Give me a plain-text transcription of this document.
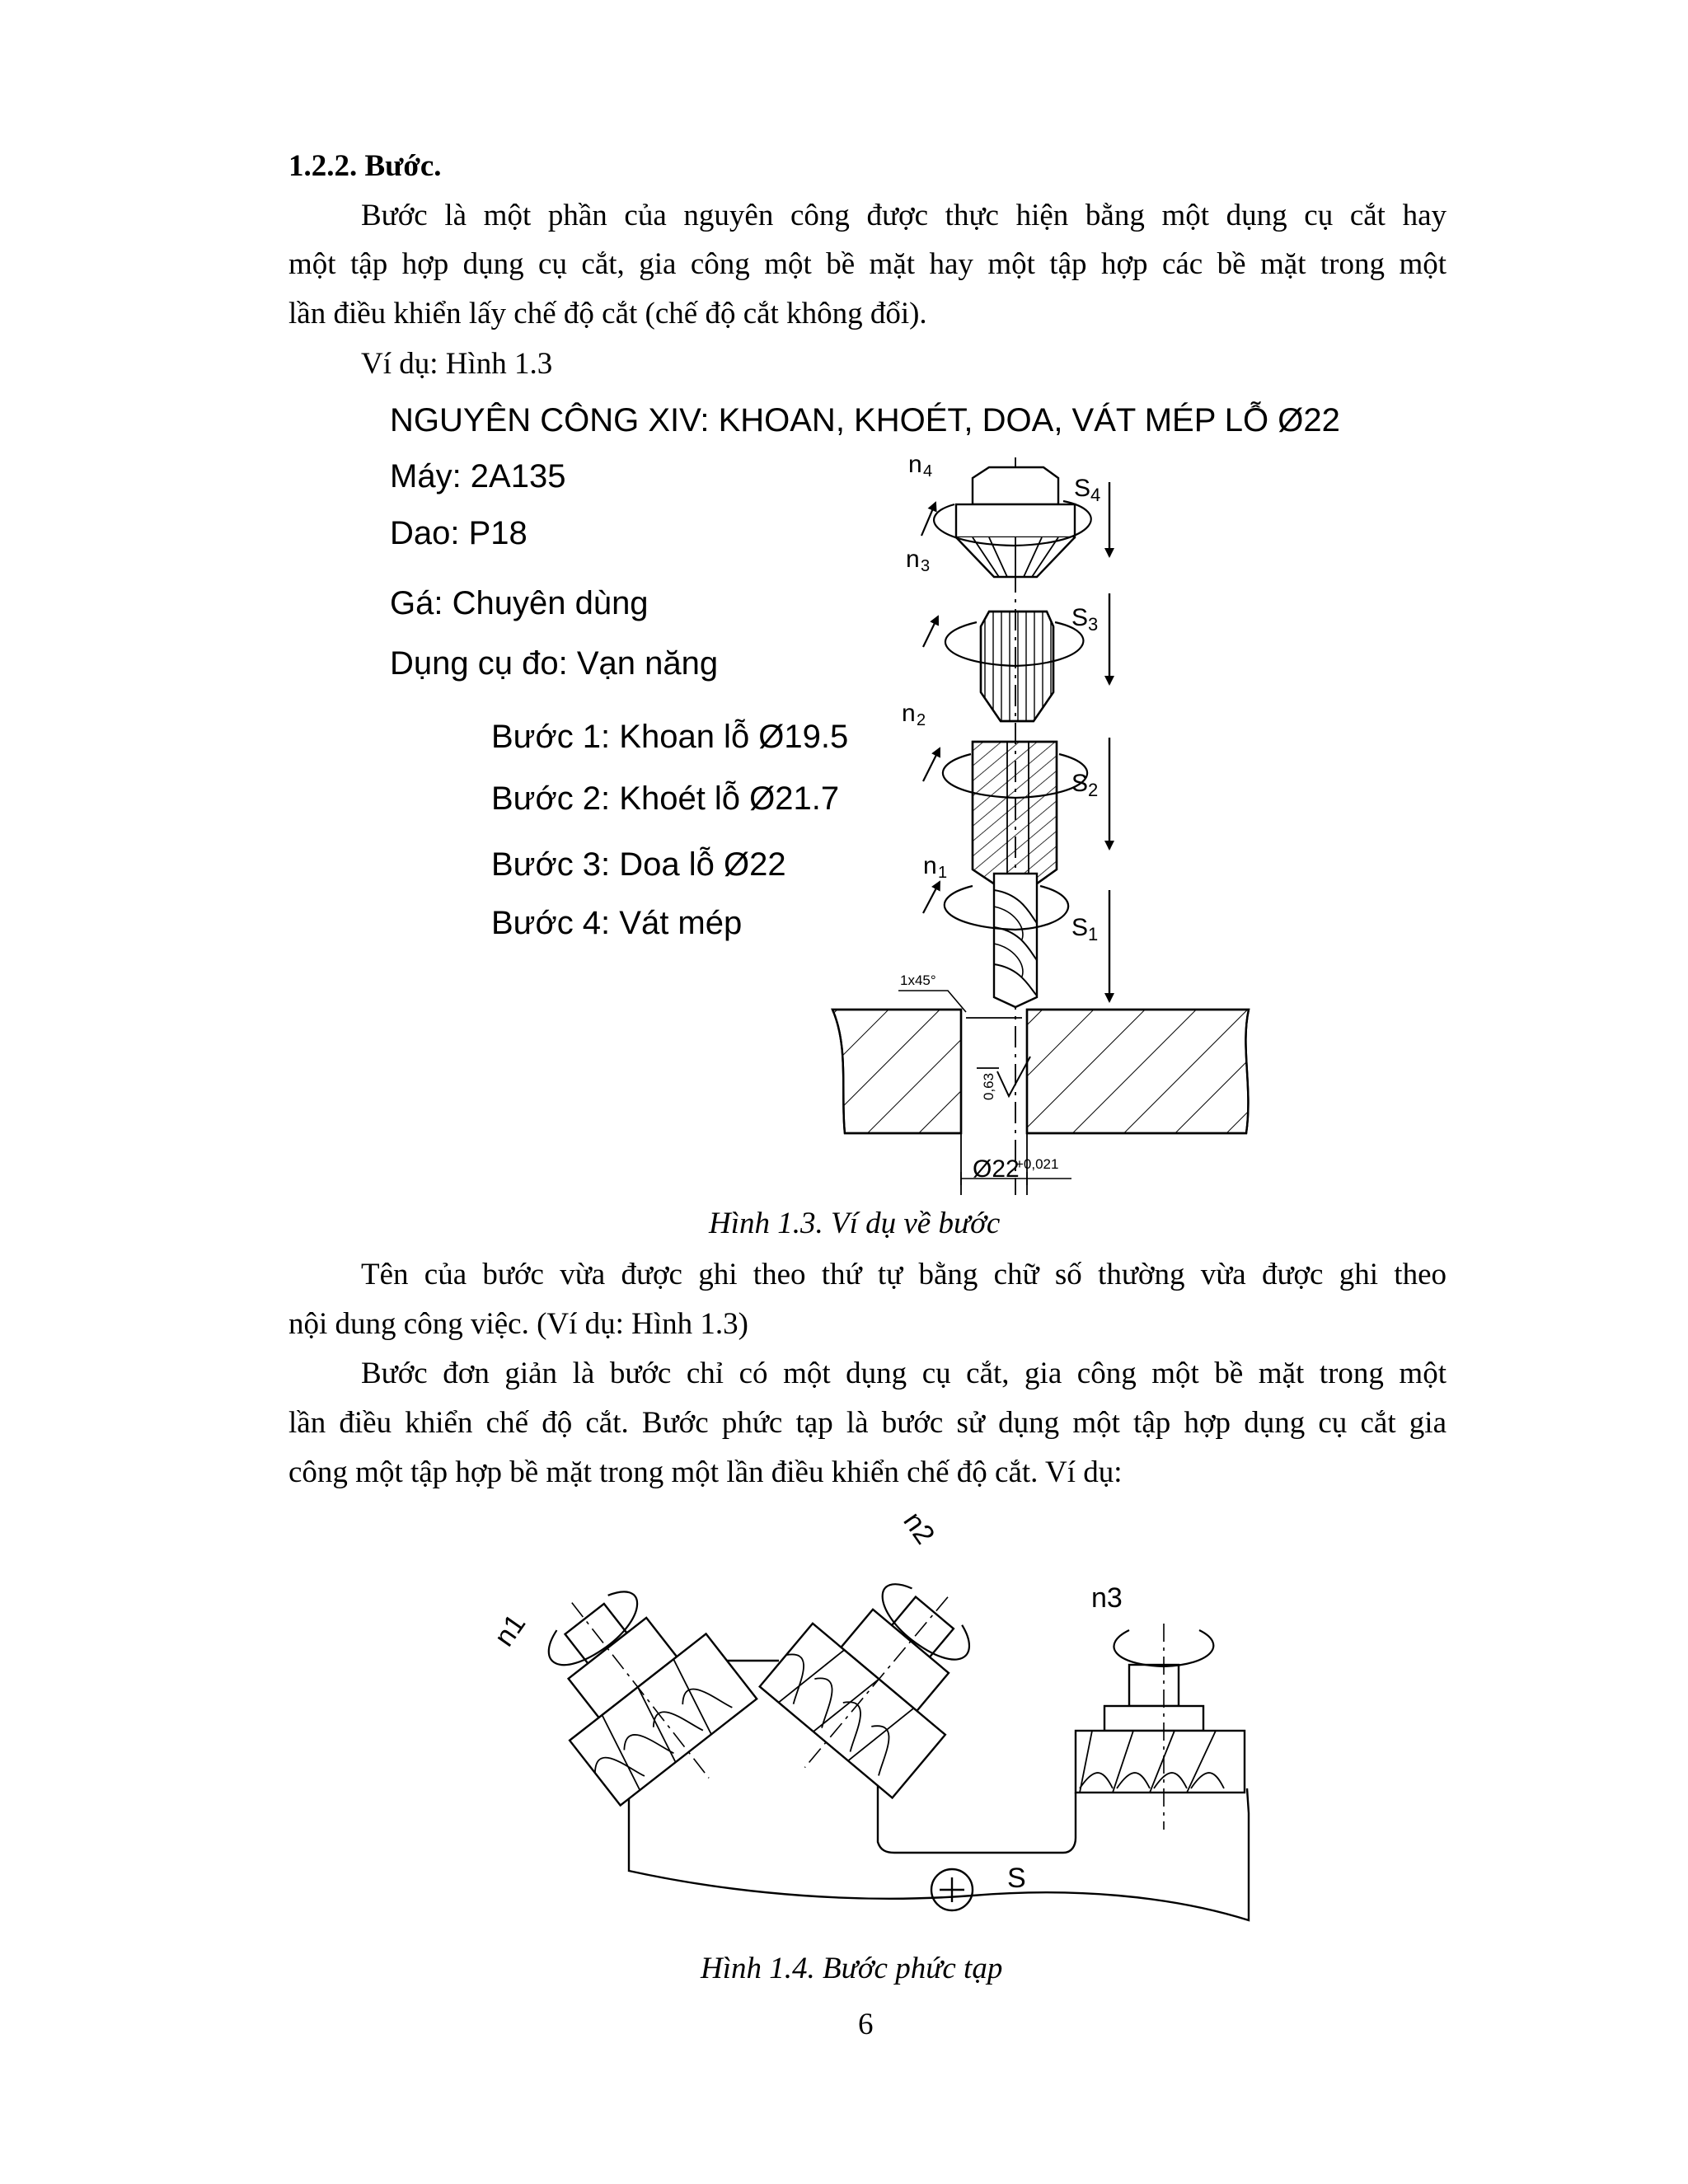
1.2.2. Bước.
Bước là một phần của nguyên công được thực hiện bằng một dụng cụ cắt hay
một tập hợp dụng cụ cắt, gia công một bề mặt hay một tập hợp các bề mặt trong một
lần điều khiển lấy chế độ cắt (chế độ cắt không đổi).
Ví dụ: Hình 1.3
NGUYÊN CÔNG XIV: KHOAN, KHOÉT, DOA, VÁT MÉP LỖ Ø22
Máy: 2A135
Dao: P18
Gá: Chuyên dùng
Dụng cụ đo: Vạn năng
Bước 1: Khoan lỗ Ø19.5
Bước 2: Khoét lỗ Ø21.7
Bước 3: Doa lỗ Ø22
Bước 4: Vát mép
Hình 1.3. Ví dụ về bước
Tên của bước vừa được ghi theo thứ tự bằng chữ số thường vừa được ghi theo
nội dung công việc. (Ví dụ: Hình 1.3)
Bước đơn giản là bước chỉ có một dụng cụ cắt, gia công một bề mặt trong một
lần điều khiển chế độ cắt. Bước phức tạp là bước sử dụng một tập hợp dụng cụ cắt gia
công một tập hợp bề mặt trong một lần điều khiển chế độ cắt. Ví dụ:
Hình 1.4. Bước phức tạp
6
n 4
S 4
n 3
S 3
n 2
S 2
n 1
S 1
1x45°
0,63
Ø22
+0,021
n1
n2
n3
S
